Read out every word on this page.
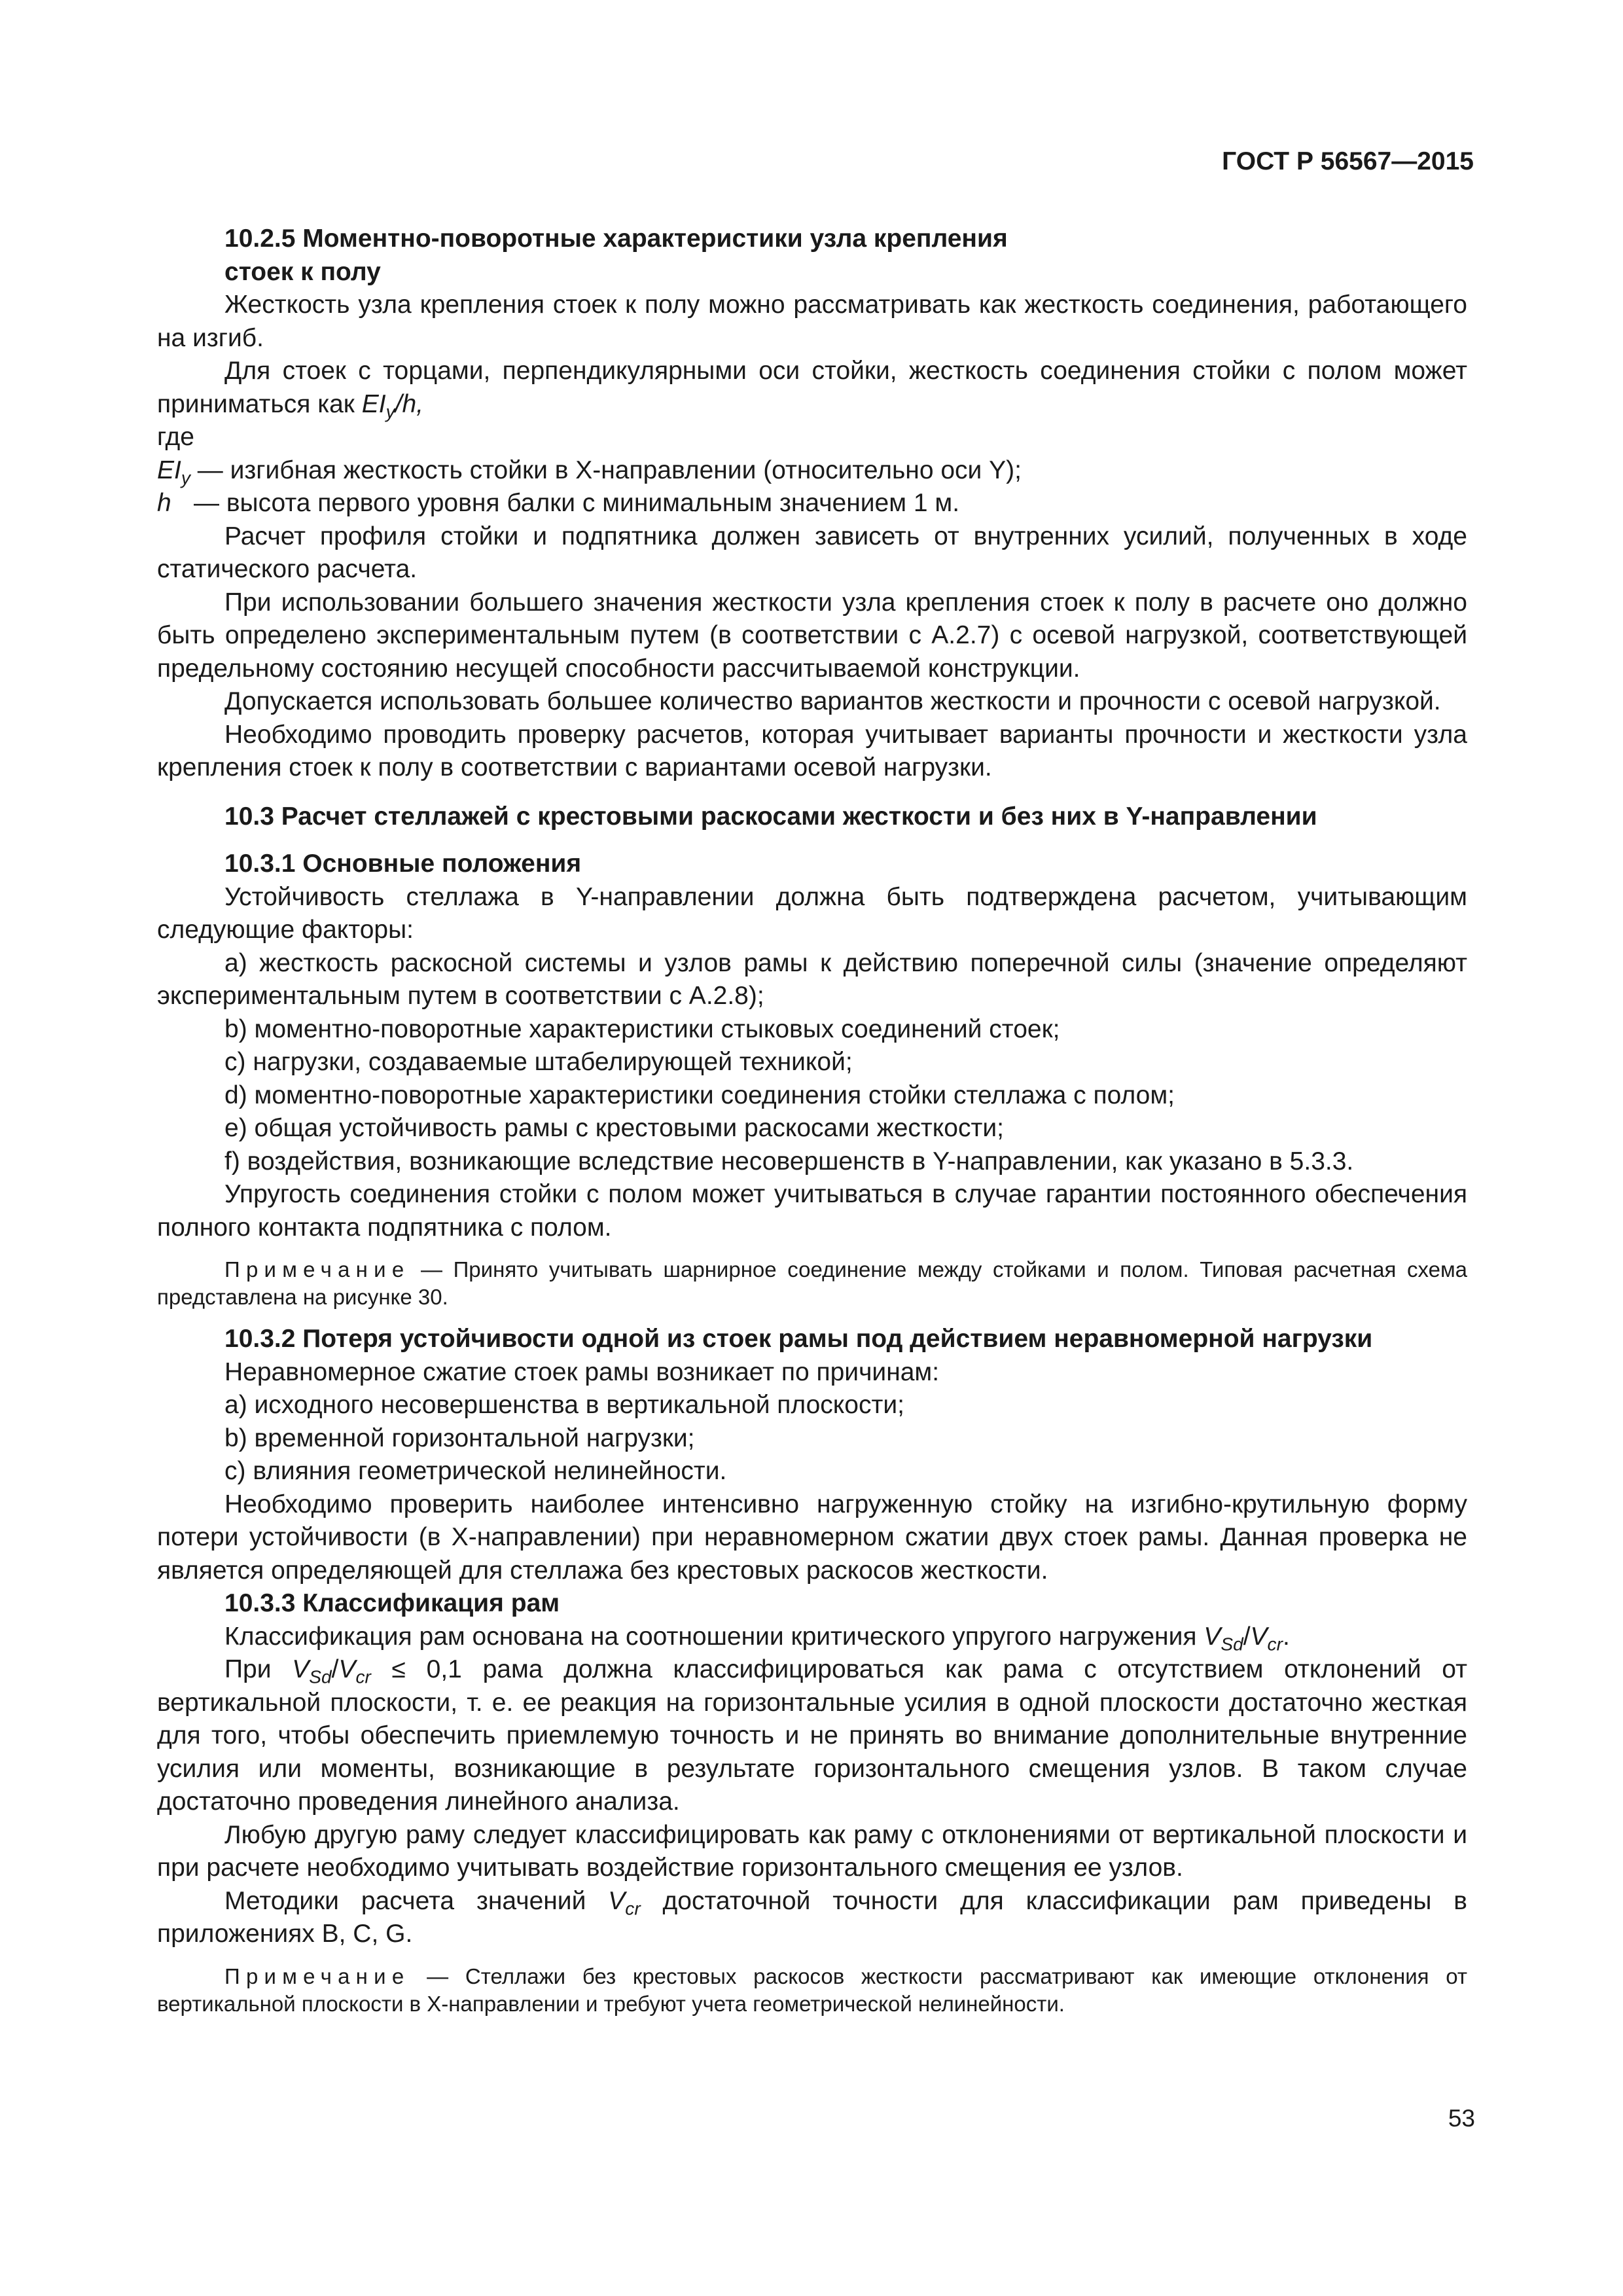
ГОСТ Р 56567—2015

10.2.5 Моментно-поворотные характеристики узла крепления

стоек к полу

Жесткость узла крепления стоек к полу можно рассматривать как жесткость соединения, работающего на изгиб.

Для стоек с торцами, перпендикулярными оси стойки, жесткость соединения стойки с полом может приниматься как $EI_y/h$,

где

$EI_y$ — изгибная жесткость стойки в X-направлении (относительно оси Y);

h — высота первого уровня балки с минимальным значением 1 м.

Расчет профиля стойки и подпятника должен зависеть от внутренних усилий, полученных в ходе статического расчета.

При использовании большего значения жесткости узла крепления стоек к полу в расчете оно должно быть определено экспериментальным путем (в соответствии с А.2.7) с осевой нагрузкой, соответствующей предельному состоянию несущей способности рассчитываемой конструкции.

Допускается использовать большее количество вариантов жесткости и прочности с осевой нагрузкой.

Необходимо проводить проверку расчетов, которая учитывает варианты прочности и жесткости узла крепления стоек к полу в соответствии с вариантами осевой нагрузки.

10.3 Расчет стеллажей с крестовыми раскосами жесткости и без них в Y-направлении

10.3.1 Основные положения

Устойчивость стеллажа в Y-направлении должна быть подтверждена расчетом, учитывающим следующие факторы:

a) жесткость раскосной системы и узлов рамы к действию поперечной силы (значение определяют экспериментальным путем в соответствии с А.2.8);

b) моментно-поворотные характеристики стыковых соединений стоек;

c) нагрузки, создаваемые штабелирующей техникой;

d) моментно-поворотные характеристики соединения стойки стеллажа с полом;

e) общая устойчивость рамы с крестовыми раскосами жесткости;

f) воздействия, возникающие вследствие несовершенств в Y-направлении, как указано в 5.3.3.

Упругость соединения стойки с полом может учитываться в случае гарантии постоянного обеспечения полного контакта подпятника с полом.

Примечание — Принято учитывать шарнирное соединение между стойками и полом. Типовая расчетная схема представлена на рисунке 30.

10.3.2 Потеря устойчивости одной из стоек рамы под действием неравномерной нагрузки

Неравномерное сжатие стоек рамы возникает по причинам:

a) исходного несовершенства в вертикальной плоскости;

b) временной горизонтальной нагрузки;

c) влияния геометрической нелинейности.

Необходимо проверить наиболее интенсивно нагруженную стойку на изгибно-крутильную форму потери устойчивости (в X-направлении) при неравномерном сжатии двух стоек рамы. Данная проверка не является определяющей для стеллажа без крестовых раскосов жесткости.

10.3.3 Классификация рам

Классификация рам основана на соотношении критического упругого нагружения $V_{Sd}/V_{cr}$.

При $V_{Sd}/V_{cr} \le 0,1$ рама должна классифицироваться как рама с отсутствием отклонений от вертикальной плоскости, т. е. ее реакция на горизонтальные усилия в одной плоскости достаточно жесткая для того, чтобы обеспечить приемлемую точность и не принять во внимание дополнительные внутренние усилия или моменты, возникающие в результате горизонтального смещения узлов. В таком случае достаточно проведения линейного анализа.

Любую другую раму следует классифицировать как раму с отклонениями от вертикальной плоскости и при расчете необходимо учитывать воздействие горизонтального смещения ее узлов.

Методики расчета значений $V_{cr}$ достаточной точности для классификации рам приведены в приложениях В, С, G.

Примечание — Стеллажи без крестовых раскосов жесткости рассматривают как имеющие отклонения от вертикальной плоскости в X-направлении и требуют учета геометрической нелинейности.

53
